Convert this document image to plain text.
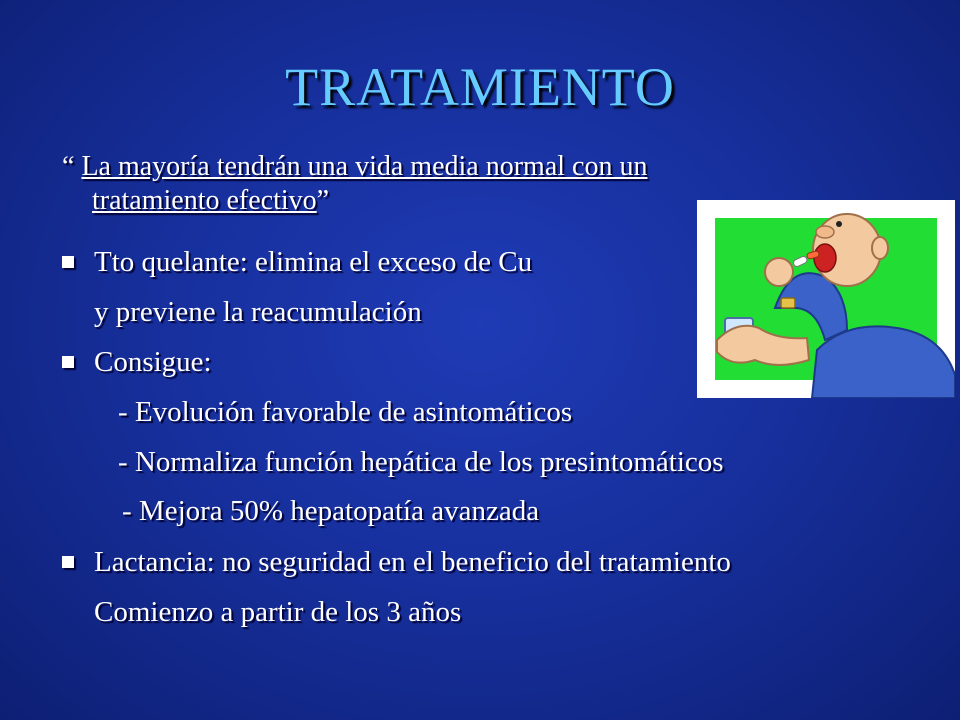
TRATAMIENTO
“ La mayoría tendrán una vida media normal con un
tratamiento efectivo”
Tto quelante: elimina el exceso de Cu
y previene la reacumulación
Consigue:
- Evolución favorable de asintomáticos
- Normaliza función hepática de los presintomáticos
- Mejora 50% hepatopatía avanzada
Lactancia: no seguridad en el beneficio del tratamiento
Comienzo a partir de los 3 años
